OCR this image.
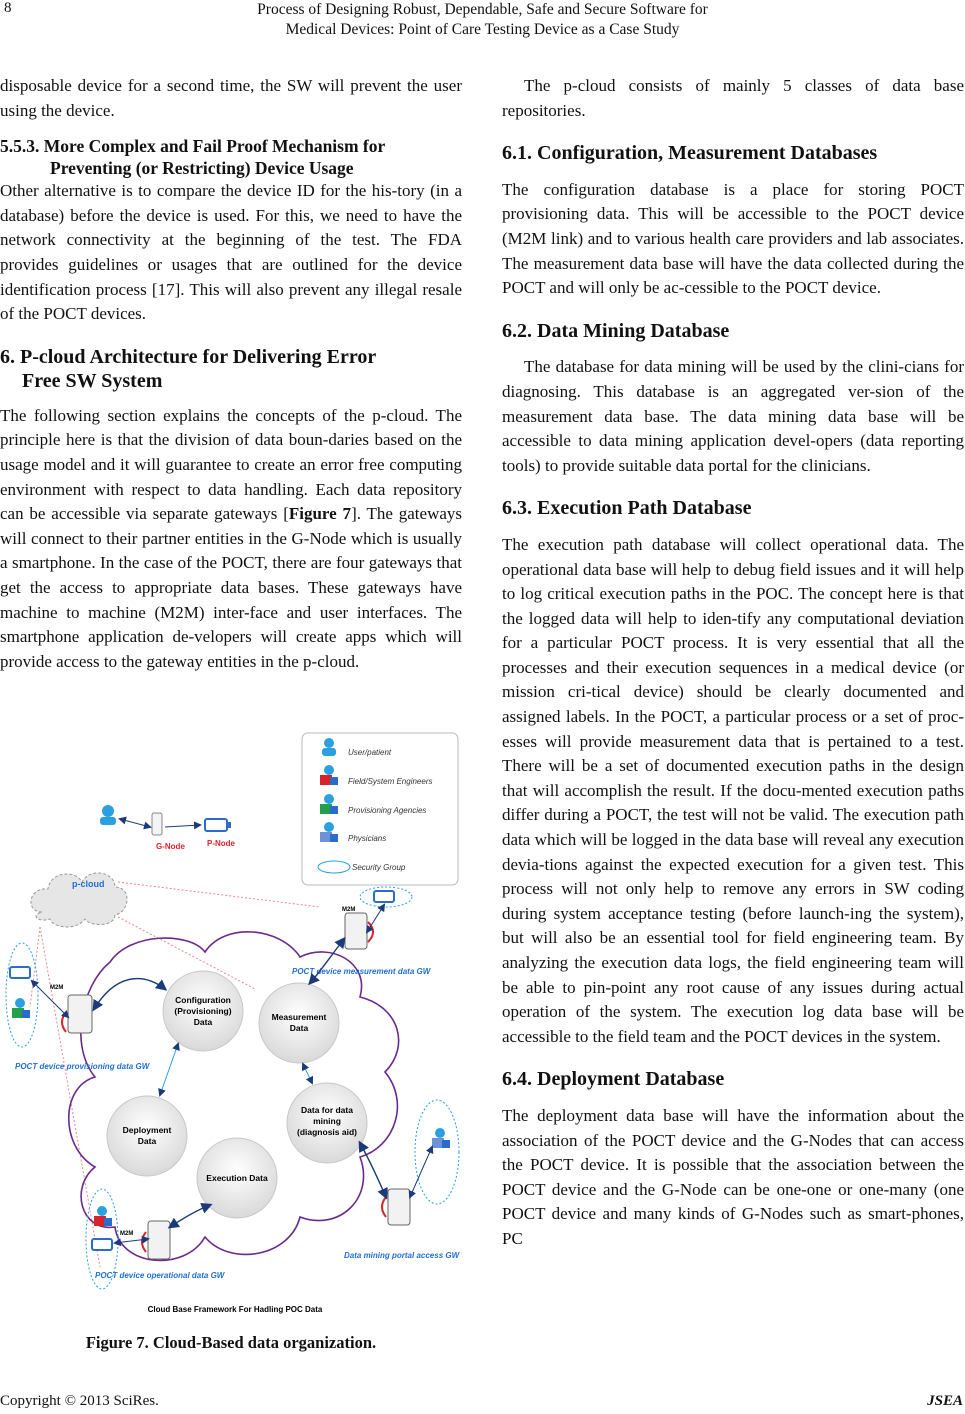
8	Process of Designing Robust, Dependable, Safe and Secure Software for
Medical Devices: Point of Care Testing Device as a Case Study

disposable device for a second time, the SW will prevent the user using the device.

5.5.3. More Complex and Fail Proof Mechanism for
Preventing (or Restricting) Device Usage

Other alternative is to compare the device ID for the his-tory (in a database) before the device is used. For this, we need to have the network connectivity at the beginning of the test. The FDA provides guidelines or usages that are outlined for the device identification process [17]. This will also prevent any illegal resale of the POCT devices.

6. P-cloud Architecture for Delivering Error
Free SW System

The following section explains the concepts of the p-cloud. The principle here is that the division of data boun-daries based on the usage model and it will guarantee to create an error free computing environment with respect to data handling. Each data repository can be accessible via separate gateways [Figure 7]. The gateways will connect to their partner entities in the G-Node which is usually a smartphone. In the case of the POCT, there are four gateways that get the access to appropriate data bases. These gateways have machine to machine (M2M) inter-face and user interfaces. The smartphone application de-velopers will create apps which will provide access to the gateway entities in the p-cloud.

User/patient
Field/System Engineers
Provisioning Agencies
Physicians
Security Group
G-Node	P-Node
p-cloud
Configuration
(Provisioning)
Data	Measurement
Data
Deployment
Data
Data for data
mining
(diagnosis aid)
Execution Data
M2M
POCT device measurement data GW
M2M
POCT device provisioning data GW
Data mining portal access GW
M2M
POCT device operational data GW
Cloud Base Framework For Hadling POC Data
Figure 7. Cloud-Based data organization.

The p-cloud consists of mainly 5 classes of data base repositories.

6.1. Configuration, Measurement Databases

The configuration database is a place for storing POCT provisioning data. This will be accessible to the POCT device (M2M link) and to various health care providers and lab associates. The measurement data base will have the data collected during the POCT and will only be ac-cessible to the POCT device.

6.2. Data Mining Database

The database for data mining will be used by the clini-cians for diagnosing. This database is an aggregated ver-sion of the measurement data base. The data mining data base will be accessible to data mining application devel-opers (data reporting tools) to provide suitable data portal for the clinicians.

6.3. Execution Path Database

The execution path database will collect operational data. The operational data base will help to debug field issues and it will help to log critical execution paths in the POC. The concept here is that the logged data will help to iden-tify any computational deviation for a particular POCT process. It is very essential that all the processes and their execution sequences in a medical device (or mission cri-tical device) should be clearly documented and assigned labels. In the POCT, a particular process or a set of proc-esses will provide measurement data that is pertained to a test. There will be a set of documented execution paths in the design that will accomplish the result. If the docu-mented execution paths differ during a POCT, the test will not be valid. The execution path data which will be logged in the data base will reveal any execution devia-tions against the expected execution for a given test. This process will not only help to remove any errors in SW coding during system acceptance testing (before launch-ing the system), but will also be an essential tool for field engineering team. By analyzing the execution data logs, the field engineering team will be able to pin-point any root cause of any issues during actual operation of the system. The execution log data base will be accessible to the field team and the POCT devices in the system.

6.4. Deployment Database

The deployment data base will have the information about the association of the POCT device and the G-Nodes that can access the POCT device. It is possible that the association between the POCT device and the G-Node can be one-one or one-many (one POCT device and many kinds of G-Nodes such as smart-phones, PC

Copyright © 2013 SciRes.	JSEA
